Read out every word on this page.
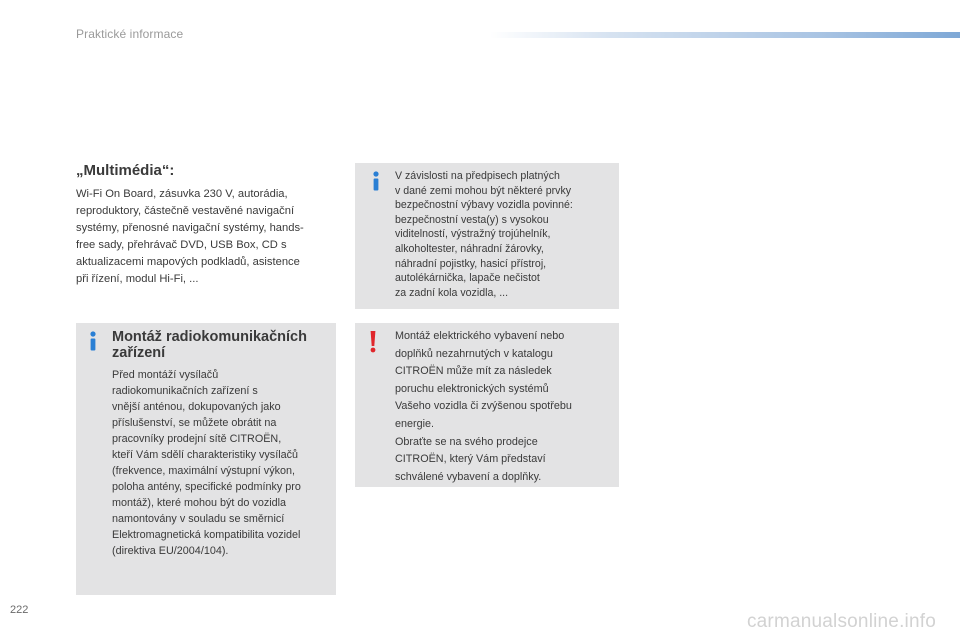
Praktické informace
„Multimédia“:
Wi-Fi On Board, zásuvka 230 V, autorádia,
reproduktory, částečně vestavěné navigační
systémy, přenosné navigační systémy, hands-
free sady, přehrávač DVD, USB Box, CD s
aktualizacemi mapových podkladů, asistence
při řízení, modul Hi-Fi, ...
V závislosti na předpisech platných
v dané zemi mohou být některé prvky
bezpečnostní výbavy vozidla povinné:
bezpečnostní vesta(y) s vysokou
viditelností, výstražný trojúhelník,
alkoholtester, náhradní žárovky,
náhradní pojistky, hasicí přístroj,
autolékárnička, lapače nečistot
za zadní kola vozidla, ...
Montáž radiokomunikačních
zařízení
Před montáží vysílačů
radiokomunikačních zařízení s
vnější anténou, dokupovaných jako
příslušenství, se můžete obrátit na
pracovníky prodejní sítě CITROËN,
kteří Vám sdělí charakteristiky vysílačů
(frekvence, maximální výstupní výkon,
poloha antény, specifické podmínky pro
montáž), které mohou být do vozidla
namontovány v souladu se směrnicí
Elektromagnetická kompatibilita vozidel
(direktiva EU/2004/104).
Montáž elektrického vybavení nebo
doplňků nezahrnutých v katalogu
CITROËN může mít za následek
poruchu elektronických systémů
Vašeho vozidla či zvýšenou spotřebu
energie.
Obraťte se na svého prodejce
CITROËN, který Vám představí
schválené vybavení a doplňky.
222
carmanualsonline.info
